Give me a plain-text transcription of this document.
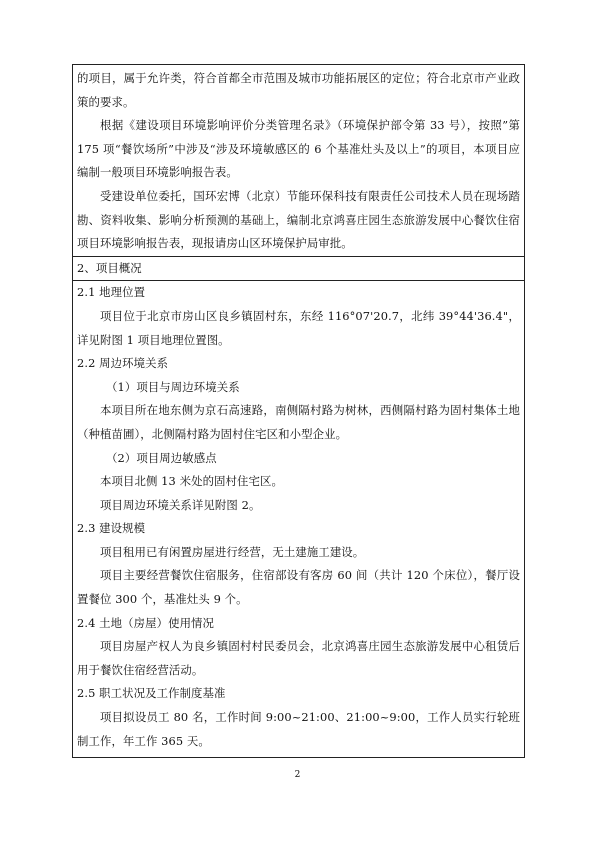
的项目，属于允许类，符合首都全市范围及城市功能拓展区的定位；符合北京市产业政策的要求。

根据《建设项目环境影响评价分类管理名录》（环境保护部令第 33 号），按照”第 175 项“餐饮场所”中涉及“涉及环境敏感区的 6 个基准灶头及以上”的项目，本项目应编制一般项目环境影响报告表。

受建设单位委托，国环宏博（北京）节能环保科技有限责任公司技术人员在现场踏勘、资料收集、影响分析预测的基础上，编制北京鸿喜庄园生态旅游发展中心餐饮住宿项目环境影响报告表，现报请房山区环境保护局审批。

2、项目概况
2.1 地理位置

项目位于北京市房山区良乡镇固村东，东经 116°07'20.7，北纬 39°44'36.4"，详见附图 1 项目地理位置图。

2.2 周边环境关系
（1）项目与周边环境关系

本项目所在地东侧为京石高速路，南侧隔村路为树林，西侧隔村路为固村集体土地（种植苗圃），北侧隔村路为固村住宅区和小型企业。

（2）项目周边敏感点

本项目北侧 13 米处的固村住宅区。

项目周边环境关系详见附图 2。

2.3 建设规模

项目租用已有闲置房屋进行经营，无土建施工建设。

项目主要经营餐饮住宿服务，住宿部设有客房 60 间（共计 120 个床位），餐厅设置餐位 300 个，基准灶头 9 个。

2.4 土地（房屋）使用情况

项目房屋产权人为良乡镇固村村民委员会，北京鸿喜庄园生态旅游发展中心租赁后用于餐饮住宿经营活动。

2.5 职工状况及工作制度基准

项目拟设员工 80 名，工作时间 9:00~21:00、21:00~9:00，工作人员实行轮班制工作，年工作 365 天。

2
